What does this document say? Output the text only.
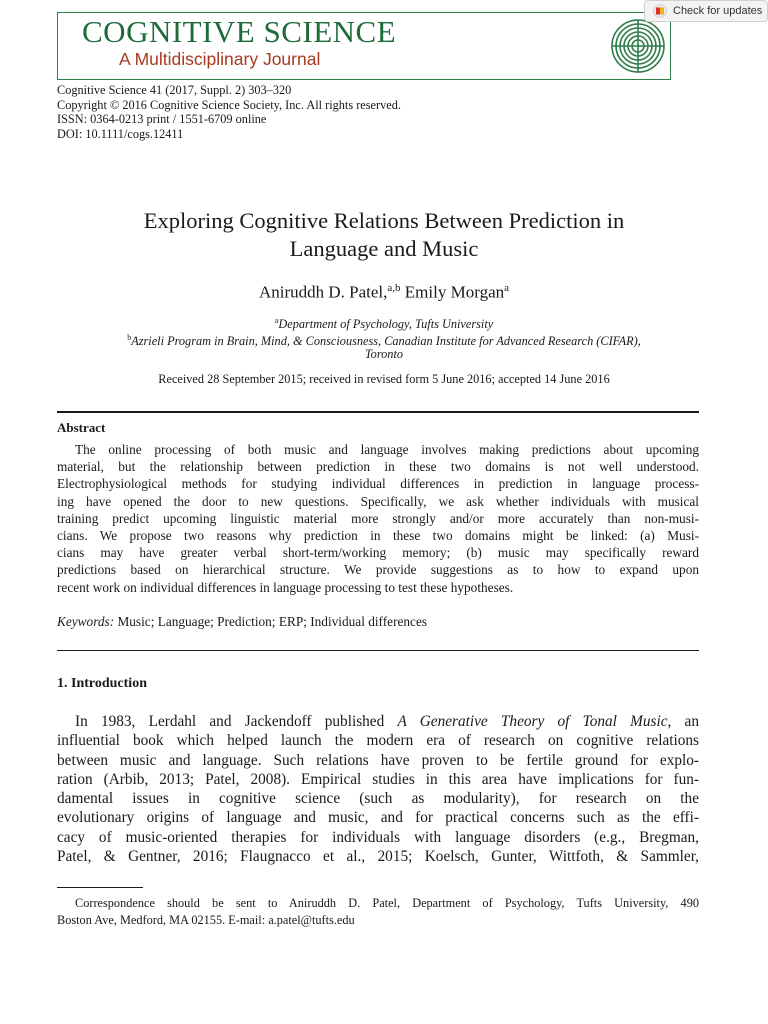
COGNITIVE SCIENCE
A Multidisciplinary Journal
Check for updates
Cognitive Science 41 (2017, Suppl. 2) 303–320
Copyright © 2016 Cognitive Science Society, Inc. All rights reserved.
ISSN: 0364-0213 print / 1551-6709 online
DOI: 10.1111/cogs.12411
Exploring Cognitive Relations Between Prediction in
Language and Music
Aniruddh D. Patel,$^{a,b}$ Emily Morgan$^a$
$^a$Department of Psychology, Tufts University
$^b$Azrieli Program in Brain, Mind, & Consciousness, Canadian Institute for Advanced Research (CIFAR),
Toronto
Received 28 September 2015; received in revised form 5 June 2016; accepted 14 June 2016
Abstract
The online processing of both music and language involves making predictions about upcoming
material, but the relationship between prediction in these two domains is not well understood.
Electrophysiological methods for studying individual differences in prediction in language process-
ing have opened the door to new questions. Specifically, we ask whether individuals with musical
training predict upcoming linguistic material more strongly and/or more accurately than non-musi-
cians. We propose two reasons why prediction in these two domains might be linked: (a) Musi-
cians may have greater verbal short-term/working memory; (b) music may specifically reward
predictions based on hierarchical structure. We provide suggestions as to how to expand upon
recent work on individual differences in language processing to test these hypotheses.
Keywords: Music; Language; Prediction; ERP; Individual differences
1. Introduction
In 1983, Lerdahl and Jackendoff published A Generative Theory of Tonal Music, an
influential book which helped launch the modern era of research on cognitive relations
between music and language. Such relations have proven to be fertile ground for explo-
ration (Arbib, 2013; Patel, 2008). Empirical studies in this area have implications for fun-
damental issues in cognitive science (such as modularity), for research on the
evolutionary origins of language and music, and for practical concerns such as the effi-
cacy of music-oriented therapies for individuals with language disorders (e.g., Bregman,
Patel, & Gentner, 2016; Flaugnacco et al., 2015; Koelsch, Gunter, Wittfoth, & Sammler,
Correspondence should be sent to Aniruddh D. Patel, Department of Psychology, Tufts University, 490
Boston Ave, Medford, MA 02155. E-mail: a.patel@tufts.edu
